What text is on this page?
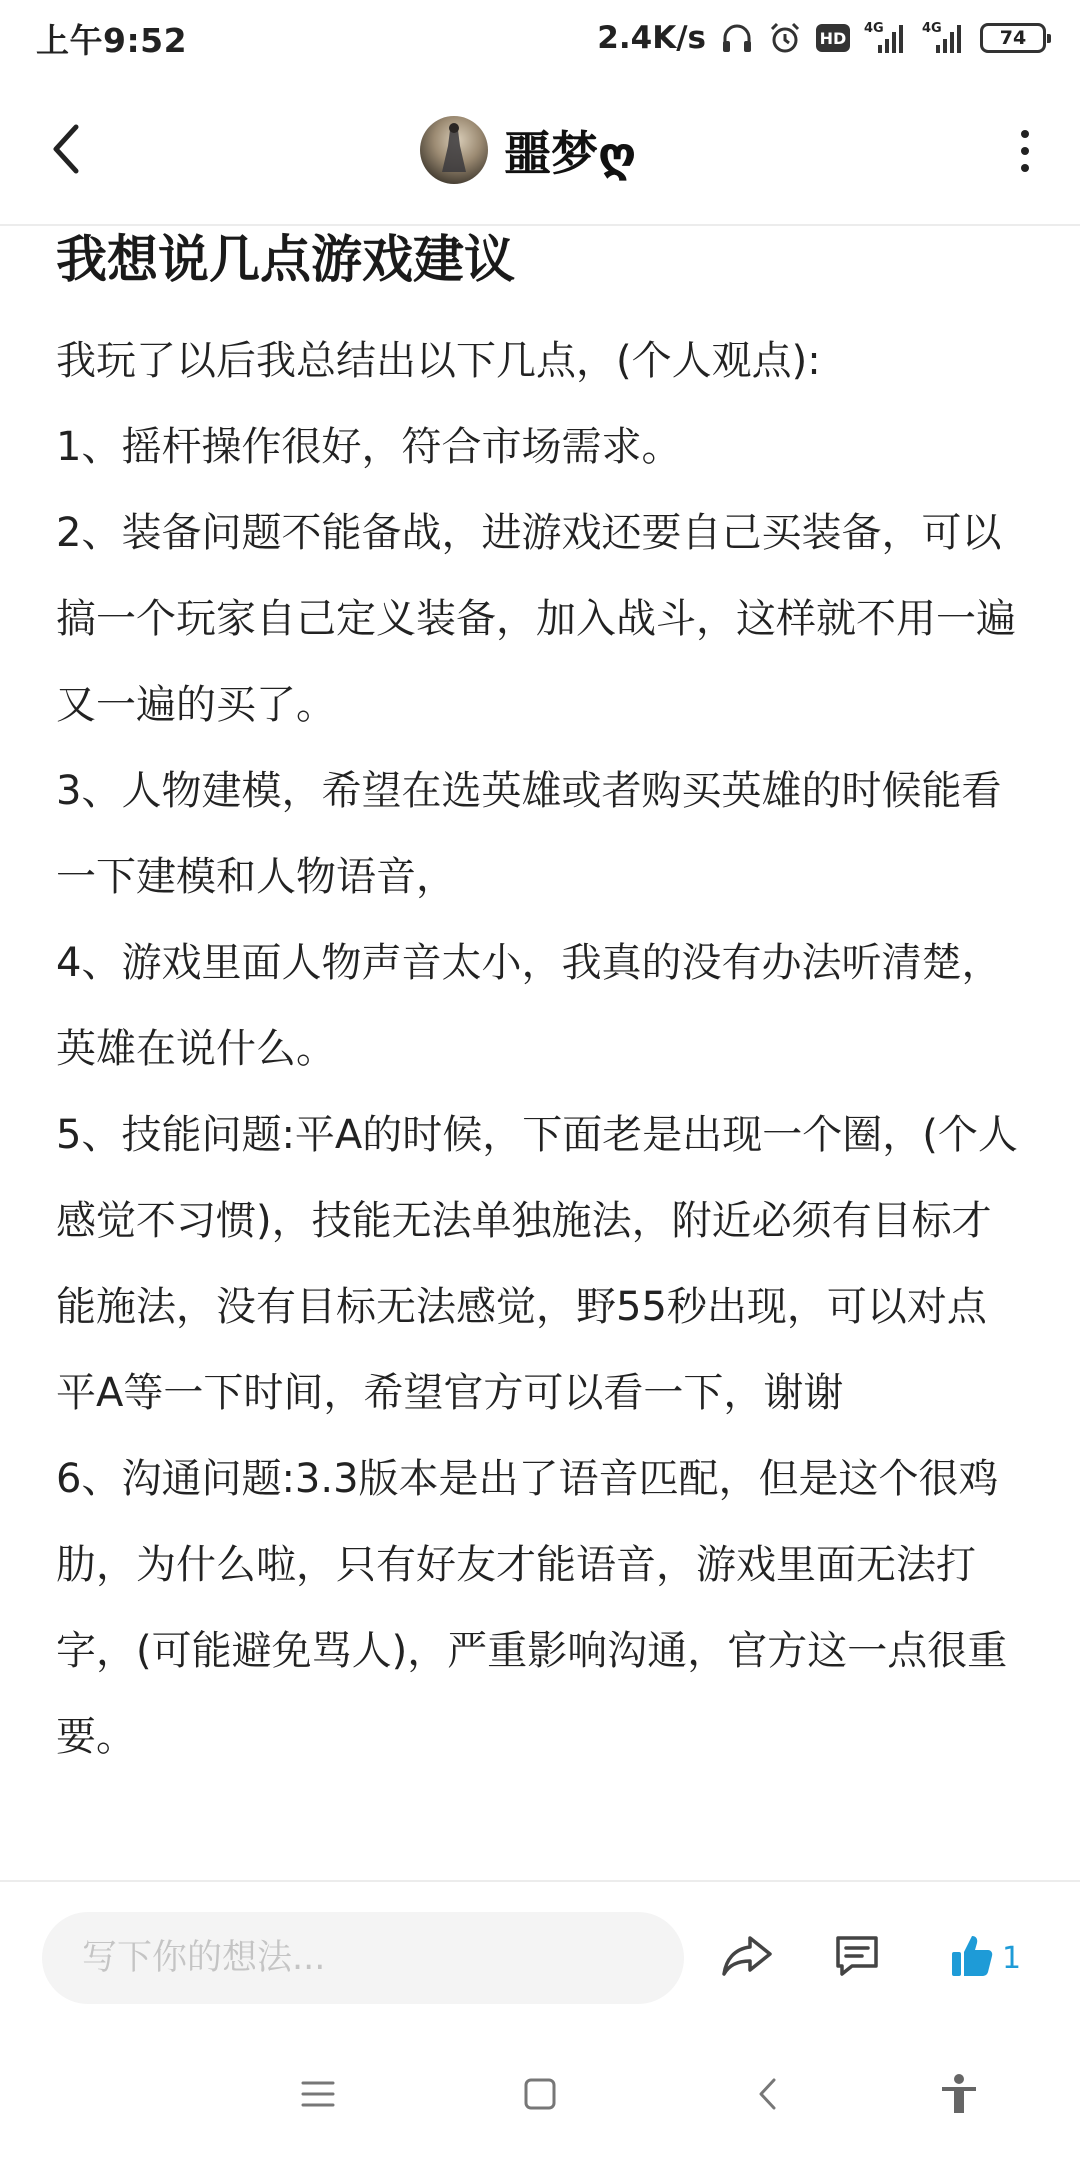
上午9:52	2.4K/s	HD 4G	4G	74
噩梦ღ
我想说几点游戏建议

我玩了以后我总结出以下几点，(个人观点):

1、摇杆操作很好，符合市场需求。

2、装备问题不能备战，进游戏还要自己买装备，可以搞一个玩家自己定义装备，加入战斗，这样就不用一遍又一遍的买了。

3、人物建模，希望在选英雄或者购买英雄的时候能看一下建模和人物语音，

4、游戏里面人物声音太小，我真的没有办法听清楚，英雄在说什么。

5、技能问题:平A的时候，下面老是出现一个圈，(个人感觉不习惯)，技能无法单独施法，附近必须有目标才能施法，没有目标无法感觉，野55秒出现，可以对点平A等一下时间，希望官方可以看一下，谢谢

6、沟通问题:3.3版本是出了语音匹配，但是这个很鸡肋，为什么啦，只有好友才能语音，游戏里面无法打字，(可能避免骂人)，严重影响沟通，官方这一点很重要。

写下你的想法...
1
